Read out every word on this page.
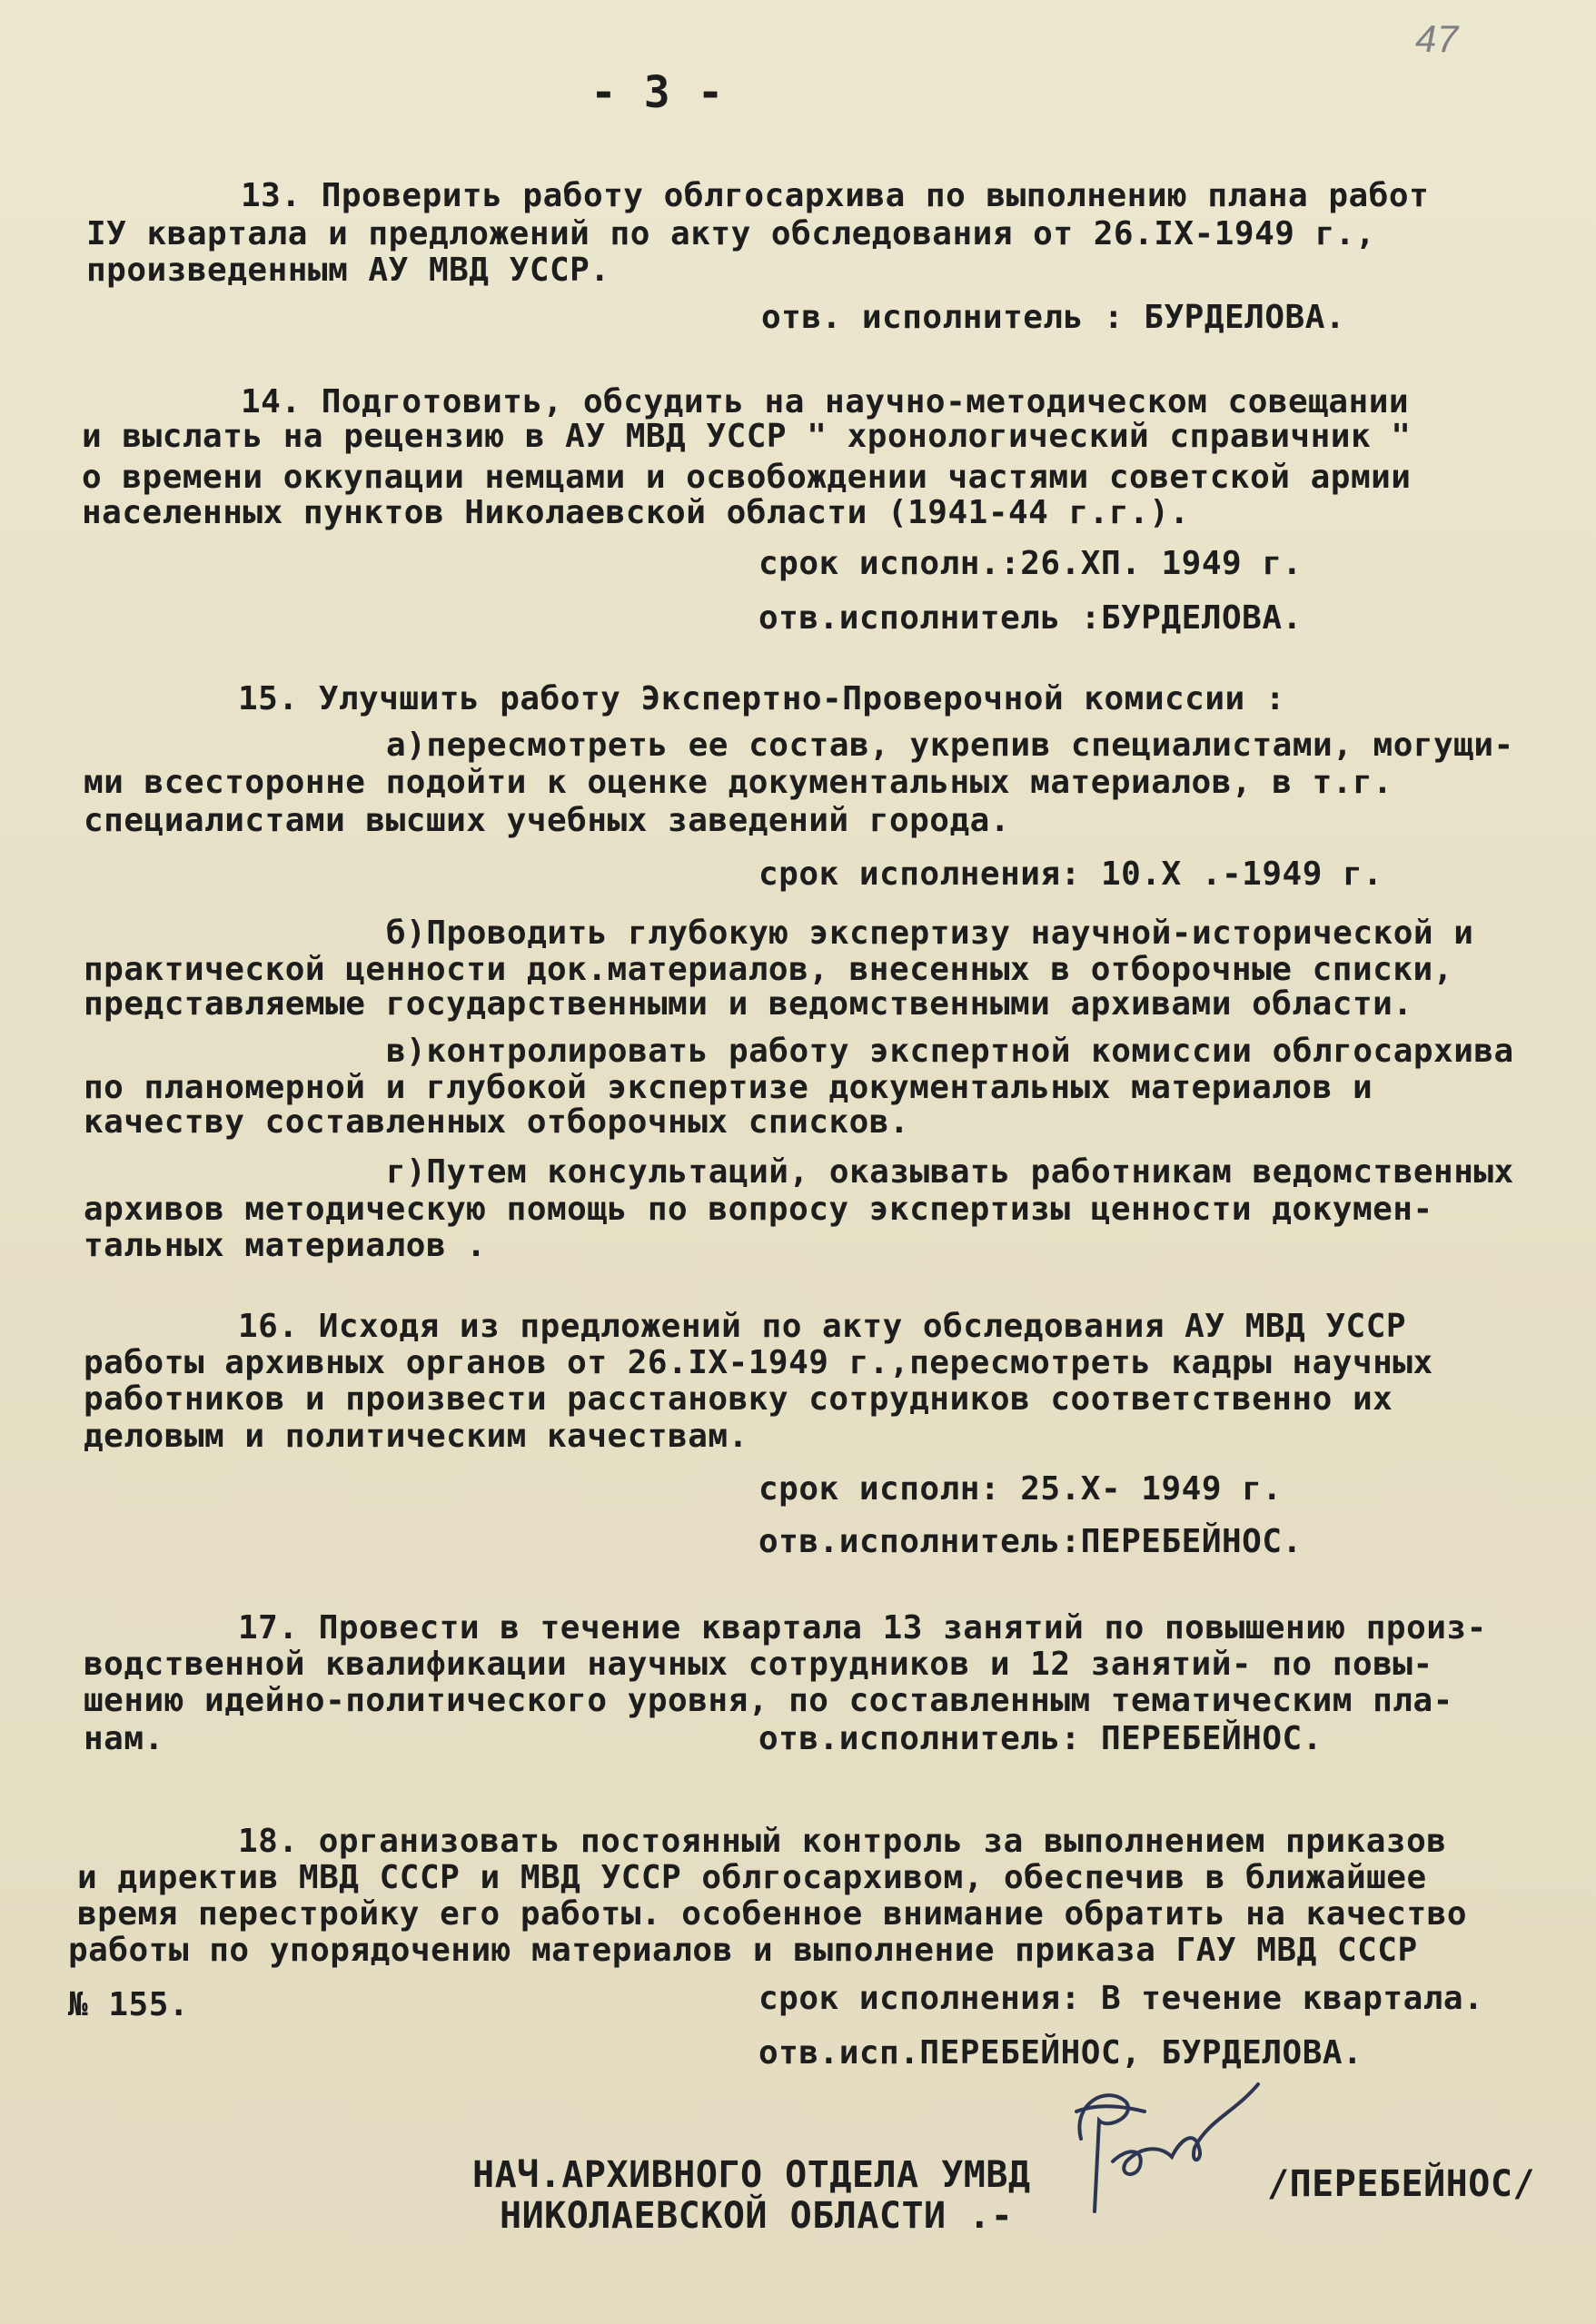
47
- 3 -
13. Проверить работу облгосархива по выполнению плана работ
IУ квартала и предложений по акту обследования от 26.IX-1949 г.,
произведенным АУ МВД УССР.
отв. исполнитель : БУРДЕЛОВА.
14. Подготовить, обсудить на научно-методическом совещании
и выслать на рецензию в АУ МВД УССР " хронологический справичник "
о времени оккупации немцами и освобождении частями советской армии
населенных пунктов Николаевской области (1941-44 г.г.).
срок исполн.:26.XП. 1949 г.
отв.исполнитель :БУРДЕЛОВА.
15. Улучшить работу Экспертно-Проверочной комиссии :
а)пересмотреть ее состав, укрепив специалистами, могущи-
ми всесторонне подойти к оценке документальных материалов, в т.г.
специалистами высших учебных заведений города.
срок исполнения: 10.X .-1949 г.
б)Проводить глубокую экспертизу научной-исторической и
практической ценности док.материалов, внесенных в отборочные списки,
представляемые государственными и ведомственными архивами области.
в)контролировать работу экспертной комиссии облгосархива
по планомерной и глубокой экспертизе документальных материалов и
качеству составленных отборочных списков.
г)Путем консультаций, оказывать работникам ведомственных
архивов методическую помощь по вопросу экспертизы ценности докумен-
тальных материалов .
16. Исходя из предложений по акту обследования АУ МВД УССР
работы архивных органов от 26.IX-1949 г.,пересмотреть кадры научных
работников и произвести расстановку сотрудников соответственно их
деловым и политическим качествам.
срок исполн: 25.X- 1949 г.
отв.исполнитель:ПЕРЕБЕЙНОС.
17. Провести в течение квартала 13 занятий по повышению произ-
водственной квалификации научных сотрудников и 12 занятий- по повы-
шению идейно-политического уровня, по составленным тематическим пла-
нам.	отв.исполнитель: ПЕРЕБЕЙНОС.
18. организовать постоянный контроль за выполнением приказов
и директив МВД СССР и МВД УССР облгосархивом, обеспечив в ближайшее
время перестройку его работы. особенное внимание обратить на качество
работы по упорядочению материалов и выполнение приказа ГАУ МВД СССР
№ 155.	срок исполнения: В течение квартала.
отв.исп.ПЕРЕБЕЙНОС, БУРДЕЛОВА.
НАЧ.АРХИВНОГО ОТДЕЛА УМВД
НИКОЛАЕВСКОЙ ОБЛАСТИ .-
/ПЕРЕБЕЙНОС/
